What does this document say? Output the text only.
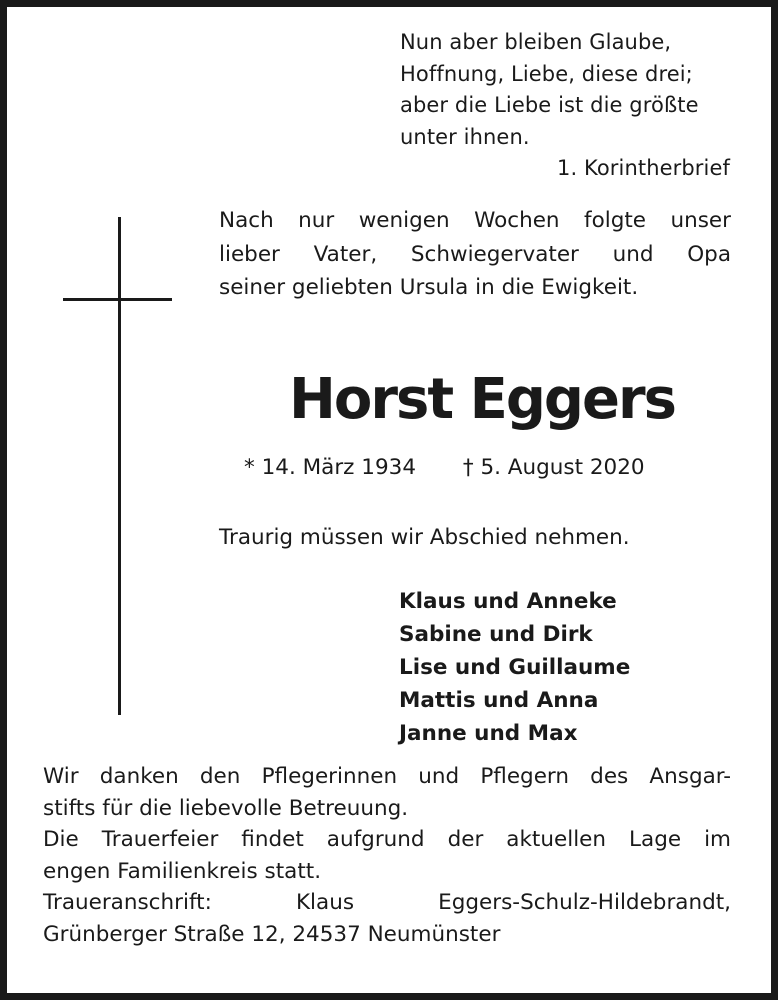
Nun aber bleiben Glaube,
Hoffnung, Liebe, diese drei;
aber die Liebe ist die größte
unter ihnen.
1. Korintherbrief
Nach nur wenigen Wochen folgte unser
lieber Vater, Schwiegervater und Opa
seiner geliebten Ursula in die Ewigkeit.
Horst Eggers
* 14. März 1934 † 5. August 2020
Traurig müssen wir Abschied nehmen.
Klaus und Anneke
Sabine und Dirk
Lise und Guillaume
Mattis und Anna
Janne und Max
Wir danken den Pflegerinnen und Pflegern des Ansgar-
stifts für die liebevolle Betreuung.
Die Trauerfeier findet aufgrund der aktuellen Lage im
engen Familienkreis statt.
Traueranschrift: Klaus Eggers-Schulz-Hildebrandt,
Grünberger Straße 12, 24537 Neumünster
